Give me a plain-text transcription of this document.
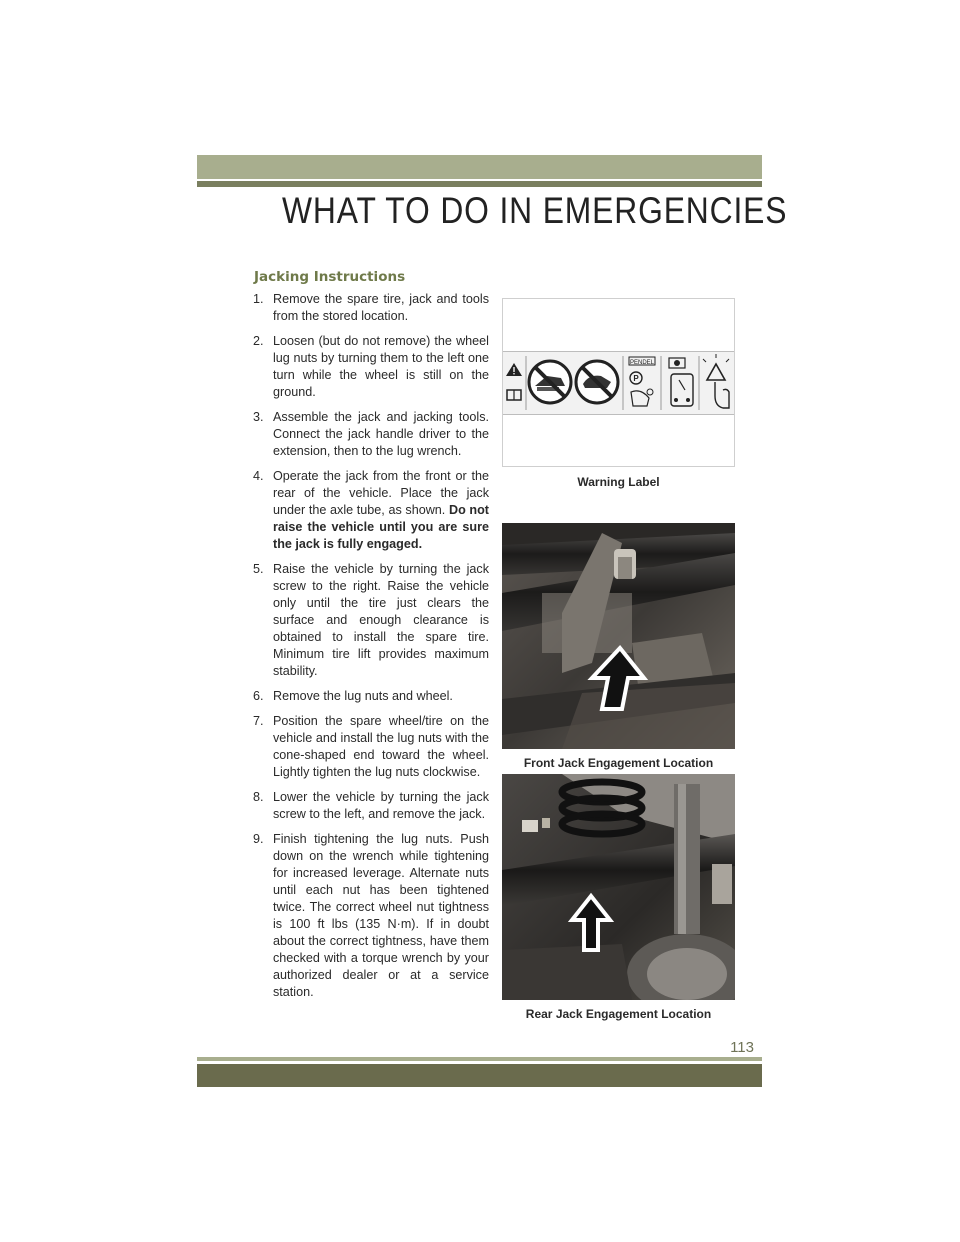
WHAT TO DO IN EMERGENCIES
Jacking Instructions
1. Remove the spare tire, jack and tools from the stored location.
2. Loosen (but do not remove) the wheel lug nuts by turning them to the left one turn while the wheel is still on the ground.
3. Assemble the jack and jacking tools. Connect the jack handle driver to the extension, then to the lug wrench.
4. Operate the jack from the front or the rear of the vehicle. Place the jack under the axle tube, as shown. Do not raise the vehicle until you are sure the jack is fully engaged.
5. Raise the vehicle by turning the jack screw to the right. Raise the vehicle only until the tire just clears the surface and enough clearance is obtained to install the spare tire. Minimum tire lift provides maximum stability.
6. Remove the lug nuts and wheel.
7. Position the spare wheel/tire on the vehicle and install the lug nuts with the cone-shaped end toward the wheel. Lightly tighten the lug nuts clockwise.
8. Lower the vehicle by turning the jack screw to the left, and remove the jack.
9. Finish tightening the lug nuts. Push down on the wrench while tightening for increased leverage. Alternate nuts until each nut has been tightened twice. The correct wheel nut tightness is 100 ft lbs (135 N·m). If in doubt about the correct tightness, have them checked with a torque wrench by your authorized dealer or at a service station.
PENDEL
P
Warning Label
Front Jack Engagement Location
Rear Jack Engagement Location
113
